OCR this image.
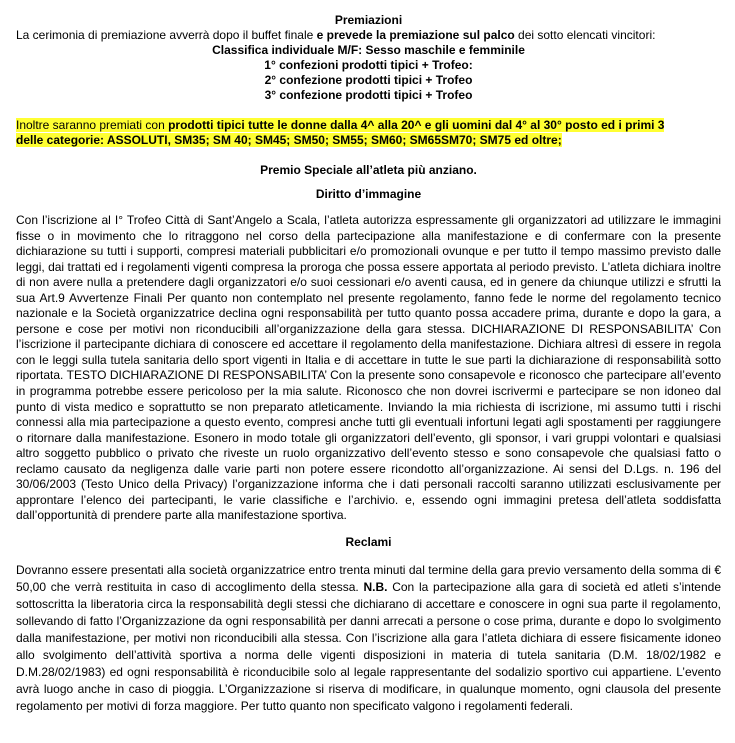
Premiazioni

La cerimonia di premiazione avverrà dopo il buffet finale e prevede la premiazione sul palco dei sotto elencati vincitori:

Classifica individuale M/F: Sesso maschile e femminile

1° confezioni prodotti tipici + Trofeo:

2° confezione prodotti tipici + Trofeo

3° confezione prodotti tipici + Trofeo

Inoltre saranno premiati con prodotti tipici tutte le donne dalla 4^ alla 20^ e gli uomini dal 4° al 30° posto ed i primi 3
delle categorie: ASSOLUTI, SM35; SM 40; SM45; SM50; SM55; SM60; SM65SM70; SM75 ed oltre;

Premio Speciale all’atleta più anziano.

Diritto d’immagine

Con l’iscrizione al I° Trofeo Città di Sant’Angelo a Scala, l’atleta autorizza espressamente gli organizzatori ad utilizzare le immagini fisse o in movimento che lo ritraggono nel corso della partecipazione alla manifestazione e di confermare con la presente dichiarazione su tutti i supporti, compresi materiali pubblicitari e/o promozionali ovunque e per tutto il tempo massimo previsto dalle leggi, dai trattati ed i regolamenti vigenti compresa la proroga che possa essere apportata al periodo previsto. L’atleta dichiara inoltre di non avere nulla a pretendere dagli organizzatori e/o suoi cessionari e/o aventi causa, ed in genere da chiunque utilizzi e sfrutti la sua Art.9 Avvertenze Finali Per quanto non contemplato nel presente regolamento, fanno fede le norme del regolamento tecnico nazionale e la Società organizzatrice declina ogni responsabilità per tutto quanto possa accadere prima, durante e dopo la gara, a persone e cose per motivi non riconducibili all’organizzazione della gara stessa. DICHIARAZIONE DI RESPONSABILITA’ Con l’iscrizione il partecipante dichiara di conoscere ed accettare il regolamento della manifestazione. Dichiara altresì di essere in regola con le leggi sulla tutela sanitaria dello sport vigenti in Italia e di accettare in tutte le sue parti la dichiarazione di responsabilità sotto riportata. TESTO DICHIARAZIONE DI RESPONSABILITA’ Con la presente sono consapevole e riconosco che partecipare all’evento in programma potrebbe essere pericoloso per la mia salute. Riconosco che non dovrei iscrivermi e partecipare se non idoneo dal punto di vista medico e soprattutto se non preparato atleticamente. Inviando la mia richiesta di iscrizione, mi assumo tutti i rischi connessi alla mia partecipazione a questo evento, compresi anche tutti gli eventuali infortuni legati agli spostamenti per raggiungere o ritornare dalla manifestazione. Esonero in modo totale gli organizzatori dell’evento, gli sponsor, i vari gruppi volontari e qualsiasi altro soggetto pubblico o privato che riveste un ruolo organizzativo dell’evento stesso e sono consapevole che qualsiasi fatto o reclamo causato da negligenza dalle varie parti non potere essere ricondotto all’organizzazione. Ai sensi del D.Lgs. n. 196 del 30/06/2003 (Testo Unico della Privacy) l’organizzazione informa che i dati personali raccolti saranno utilizzati esclusivamente per approntare l’elenco dei partecipanti, le varie classifiche e l’archivio. e, essendo ogni immagini pretesa dell’atleta soddisfatta dall’opportunità di prendere parte alla manifestazione sportiva.

Reclami

Dovranno essere presentati alla società organizzatrice entro trenta minuti dal termine della gara previo versamento della somma di € 50,00 che verrà restituita in caso di accoglimento della stessa. N.B. Con la partecipazione alla gara di società ed atleti s’intende sottoscritta la liberatoria circa la responsabilità degli stessi che dichiarano di accettare e conoscere in ogni sua parte il regolamento, sollevando di fatto l’Organizzazione da ogni responsabilità per danni arrecati a persone o cose prima, durante e dopo lo svolgimento dalla manifestazione, per motivi non riconducibili alla stessa. Con l’iscrizione alla gara l’atleta dichiara di essere fisicamente idoneo allo svolgimento dell’attività sportiva a norma delle vigenti disposizioni in materia di tutela sanitaria (D.M. 18/02/1982 e D.M.28/02/1983) ed ogni responsabilità è riconducibile solo al legale rappresentante del sodalizio sportivo cui appartiene. L’evento avrà luogo anche in caso di pioggia. L’Organizzazione si riserva di modificare, in qualunque momento, ogni clausola del presente regolamento per motivi di forza maggiore. Per tutto quanto non specificato valgono i regolamenti federali.
